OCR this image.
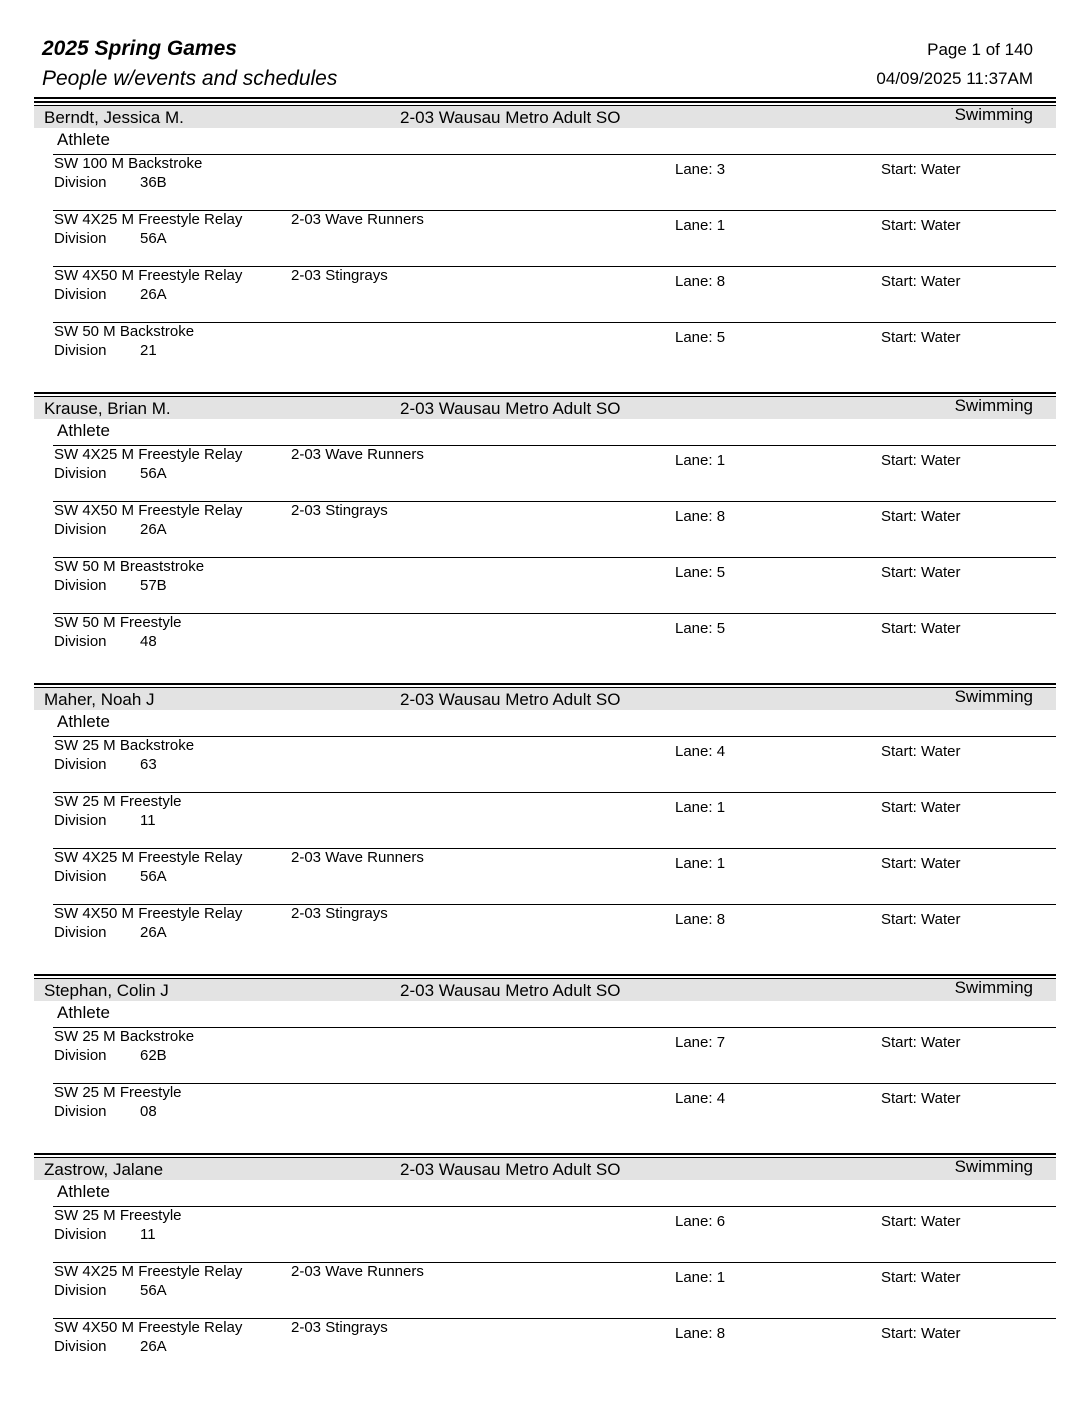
2025 Spring Games
People w/events and schedules
Page 1 of 140
04/09/2025 11:37AM
Berndt, Jessica M.	2-03 Wausau Metro Adult SO	Swimming
Athlete
SW 100 M Backstroke
Division 36B
Lane: 3	Start: Water
SW 4X25 M Freestyle Relay	2-03 Wave Runners
Division 56A
Lane: 1	Start: Water
SW 4X50 M Freestyle Relay	2-03 Stingrays
Division 26A
Lane: 8	Start: Water
SW 50 M Backstroke
Division 21
Lane: 5	Start: Water
Krause, Brian M.	2-03 Wausau Metro Adult SO	Swimming
Athlete
SW 4X25 M Freestyle Relay	2-03 Wave Runners
Division 56A
Lane: 1	Start: Water
SW 4X50 M Freestyle Relay	2-03 Stingrays
Division 26A
Lane: 8	Start: Water
SW 50 M Breaststroke
Division 57B
Lane: 5	Start: Water
SW 50 M Freestyle
Division 48
Lane: 5	Start: Water
Maher, Noah J	2-03 Wausau Metro Adult SO	Swimming
Athlete
SW 25 M Backstroke
Division 63
Lane: 4	Start: Water
SW 25 M Freestyle
Division 11
Lane: 1	Start: Water
SW 4X25 M Freestyle Relay	2-03 Wave Runners
Division 56A
Lane: 1	Start: Water
SW 4X50 M Freestyle Relay	2-03 Stingrays
Division 26A
Lane: 8	Start: Water
Stephan, Colin J	2-03 Wausau Metro Adult SO	Swimming
Athlete
SW 25 M Backstroke
Division 62B
Lane: 7	Start: Water
SW 25 M Freestyle
Division 08
Lane: 4	Start: Water
Zastrow, Jalane	2-03 Wausau Metro Adult SO	Swimming
Athlete
SW 25 M Freestyle
Division 11
Lane: 6	Start: Water
SW 4X25 M Freestyle Relay	2-03 Wave Runners
Division 56A
Lane: 1	Start: Water
SW 4X50 M Freestyle Relay	2-03 Stingrays
Division 26A
Lane: 8	Start: Water
